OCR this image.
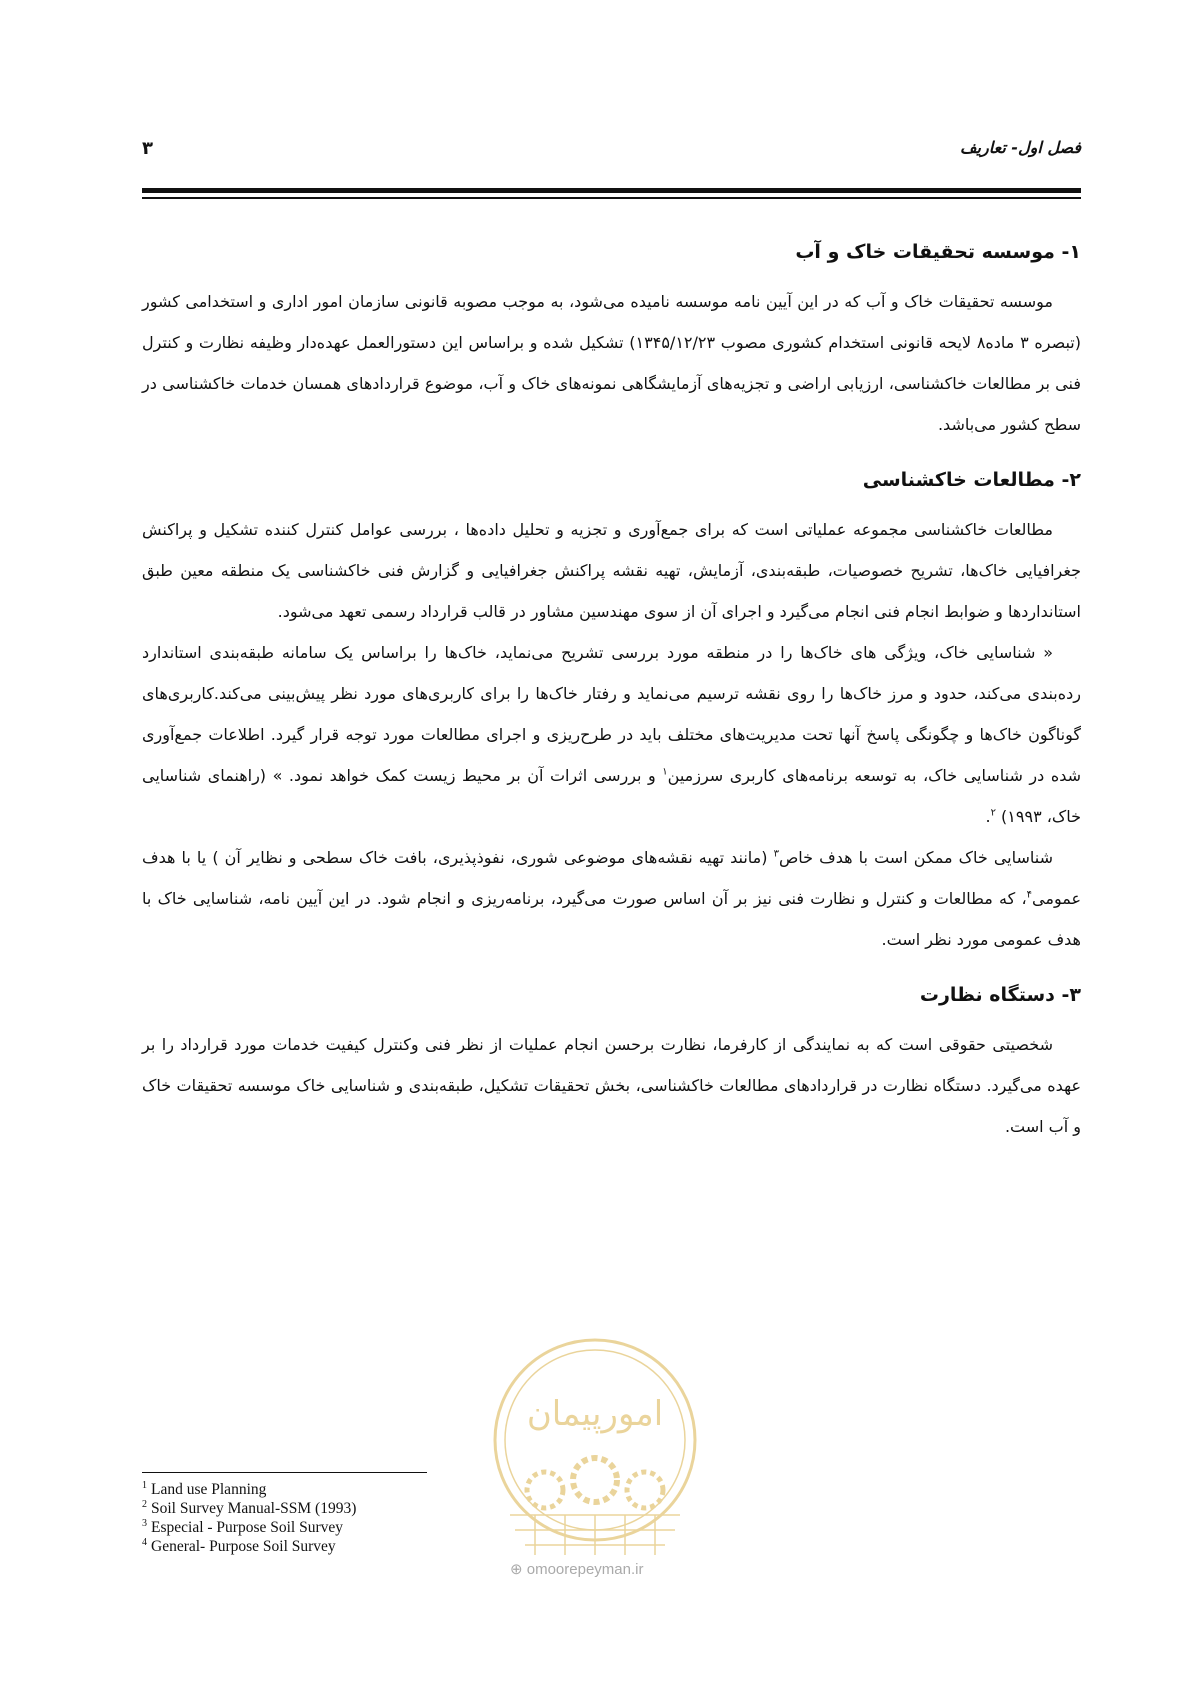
فصل اول- تعاریف
۳
۱- موسسه تحقیقات خاک و آب

موسسه تحقیقات خاک و آب که در این آیین نامه موسسه نامیده می‌شود، به موجب مصوبه قانونی سازمان امور اداری و استخدامی کشور (تبصره ۳ ماده۸ لایحه قانونی استخدام کشوری مصوب ۱۳۴۵/۱۲/۲۳) تشکیل شده و براساس این دستورالعمل عهده‌دار وظیفه نظارت و کنترل فنی بر مطالعات خاکشناسی، ارزیابی اراضی و تجزیه‌های آزمایشگاهی نمونه‌های خاک و آب، موضوع قراردادهای همسان خدمات خاکشناسی در سطح کشور می‌باشد.

۲- مطالعات خاکشناسی

مطالعات خاکشناسی مجموعه عملیاتی است که برای جمع‌آوری و تجزیه و تحلیل داده‌ها ، بررسی عوامل کنترل کننده تشکیل و پراکنش جغرافیایی خاک‌ها، تشریح خصوصیات، طبقه‌بندی، آزمایش، تهیه نقشه پراکنش جغرافیایی و گزارش فنی خاکشناسی یک منطقه معین طبق استانداردها و ضوابط انجام فنی انجام می‌گیرد و اجرای آن از سوی مهندسین مشاور در قالب قرارداد رسمی تعهد می‌شود.

« شناسایی خاک، ویژگی های خاک‌ها را در منطقه مورد بررسی تشریح می‌نماید، خاک‌ها را براساس یک سامانه طبقه‌بندی استاندارد رده‌بندی می‌کند، حدود و مرز خاک‌ها را روی نقشه ترسیم می‌نماید و رفتار خاک‌ها را برای کاربری‌های مورد نظر پیش‌بینی می‌کند.کاربری‌های گوناگون خاک‌ها و چگونگی پاسخ آنها تحت مدیریت‌های مختلف باید در طرح‌ریزی و اجرای مطالعات مورد توجه قرار گیرد. اطلاعات جمع‌آوری شده در شناسایی خاک، به توسعه برنامه‌های کاربری سرزمین$^۱$ و بررسی اثرات آن بر محیط زیست کمک خواهد نمود. » (راهنمای شناسایی خاک، ۱۹۹۳) $^۲$.

شناسایی خاک ممکن است با هدف خاص$^۳$ (مانند تهیه نقشه‌های موضوعی شوری، نفوذپذیری، بافت خاک سطحی و نظایر آن ) یا با هدف عمومی$^۴$، که مطالعات و کنترل و نظارت فنی نیز بر آن اساس صورت می‌گیرد، برنامه‌ریزی و انجام شود. در این آیین نامه، شناسایی خاک با هدف عمومی مورد نظر است.

۳- دستگاه نظارت

شخصیتی حقوقی است که به نمایندگی از کارفرما، نظارت برحسن انجام عملیات از نظر فنی وکنترل کیفیت خدمات مورد قرارداد را بر عهده می‌گیرد. دستگاه نظارت در قراردادهای مطالعات خاکشناسی، بخش تحقیقات تشکیل، طبقه‌بندی و شناسایی خاک موسسه تحقیقات خاک و آب است.

امورپیمان
⊕ omoorepeyman.ir
$^1$ Land use Planning
$^2$ Soil Survey Manual-SSM (1993)
$^3$ Especial - Purpose Soil Survey
$^4$ General- Purpose Soil Survey
